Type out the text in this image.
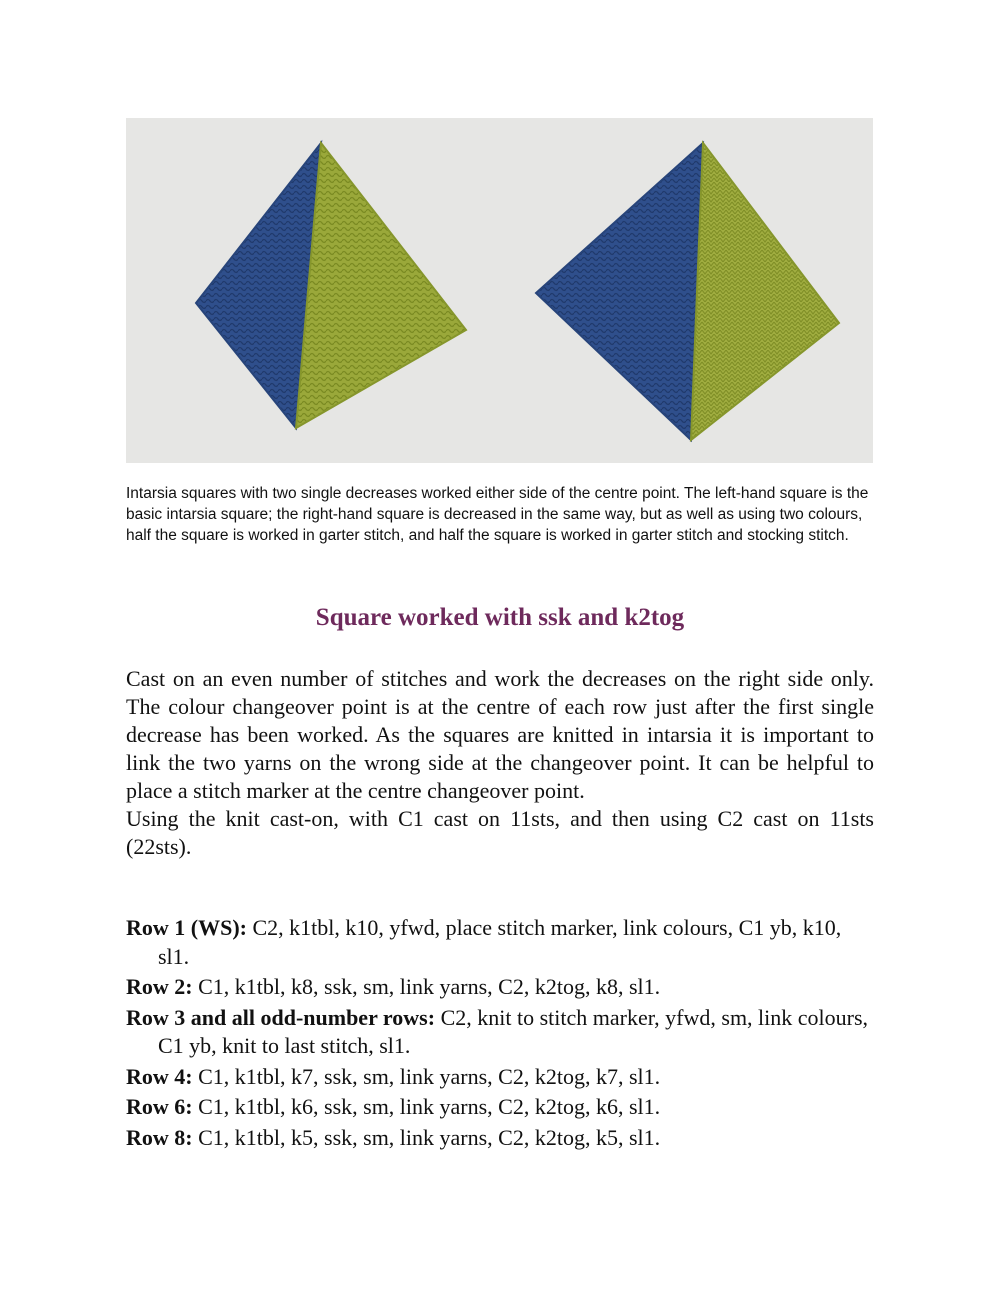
Intarsia squares with two single decreases worked either side of the centre point. The left-hand square is the basic intarsia square; the right-hand square is decreased in the same way, but as well as using two colours, half the square is worked in garter stitch, and half the square is worked in garter stitch and stocking stitch.
Square worked with ssk and k2tog

Cast on an even number of stitches and work the decreases on the right side only. The colour changeover point is at the centre of each row just after the first single decrease has been worked. As the squares are knitted in intarsia it is important to link the two yarns on the wrong side at the changeover point. It can be helpful to place a stitch marker at the centre changeover point.

Using the knit cast-on, with C1 cast on 11sts, and then using C2 cast on 11sts (22sts).

Row 1 (WS): C2, k1tbl, k10, yfwd, place stitch marker, link colours, C1 yb, k10, sl1.
Row 2: C1, k1tbl, k8, ssk, sm, link yarns, C2, k2tog, k8, sl1.
Row 3 and all odd-number rows: C2, knit to stitch marker, yfwd, sm, link colours, C1 yb, knit to last stitch, sl1.
Row 4: C1, k1tbl, k7, ssk, sm, link yarns, C2, k2tog, k7, sl1.
Row 6: C1, k1tbl, k6, ssk, sm, link yarns, C2, k2tog, k6, sl1.
Row 8: C1, k1tbl, k5, ssk, sm, link yarns, C2, k2tog, k5, sl1.
